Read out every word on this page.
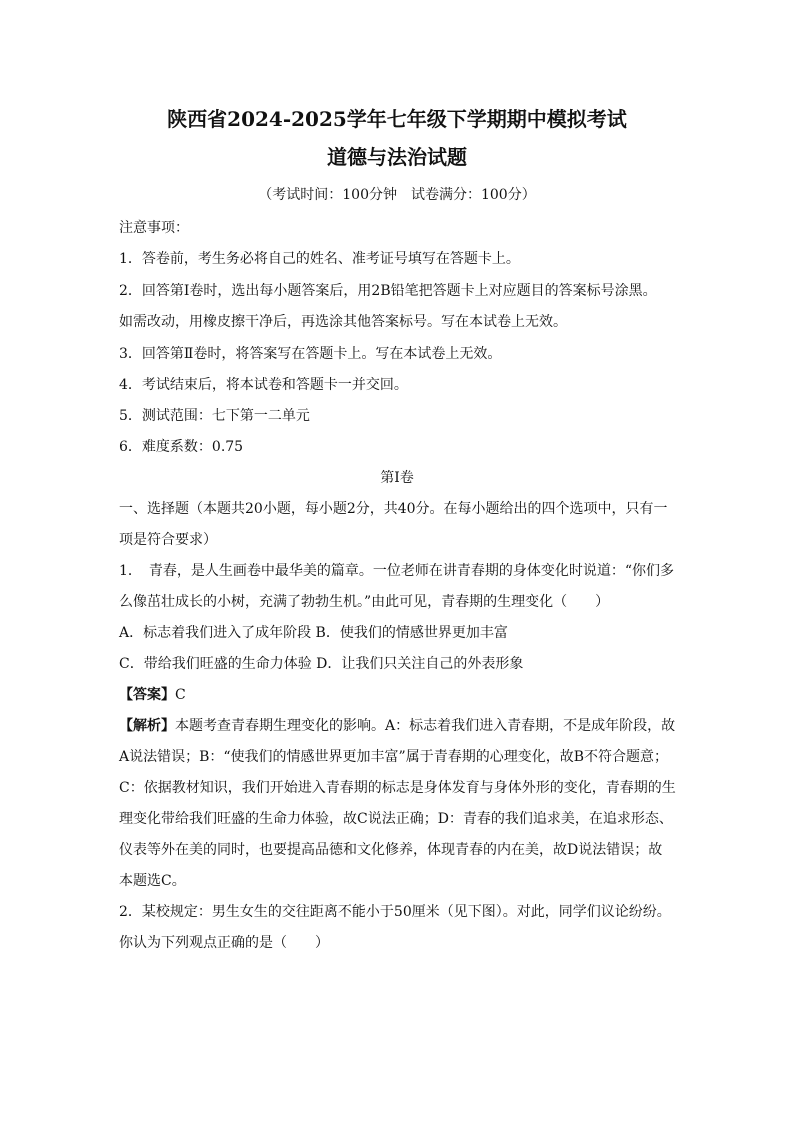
陕西省2024-2025学年七年级下学期期中模拟考试
道德与法治试题
（考试时间：100分钟　试卷满分：100分）
注意事项：
1．答卷前，考生务必将自己的姓名、准考证号填写在答题卡上。
2．回答第Ⅰ卷时，选出每小题答案后，用2B铅笔把答题卡上对应题目的答案标号涂黑。
如需改动，用橡皮擦干净后，再选涂其他答案标号。写在本试卷上无效。
3．回答第Ⅱ卷时，将答案写在答题卡上。写在本试卷上无效。
4．考试结束后，将本试卷和答题卡一并交回。
5．测试范围：七下第一二单元
6．难度系数：0.75
第Ⅰ卷
一、选择题（本题共20小题，每小题2分，共40分。在每小题给出的四个选项中，只有一
项是符合要求）
1．　青春，是人生画卷中最华美的篇章。一位老师在讲青春期的身体变化时说道：“你们多
么像茁壮成长的小树，充满了勃勃生机。”由此可见，青春期的生理变化（　　）
A．标志着我们进入了成年阶段 B．使我们的情感世界更加丰富
C．带给我们旺盛的生命力体验 D．让我们只关注自己的外表形象
【答案】C
【解析】本题考查青春期生理变化的影响。A：标志着我们进入青春期，不是成年阶段，故
A说法错误；B：“使我们的情感世界更加丰富”属于青春期的心理变化，故B不符合题意；
C：依据教材知识，我们开始进入青春期的标志是身体发育与身体外形的变化，青春期的生
理变化带给我们旺盛的生命力体验，故C说法正确；D：青春的我们追求美，在追求形态、
仪表等外在美的同时，也要提高品德和文化修养，体现青春的内在美，故D说法错误；故
本题选C。
2．某校规定：男生女生的交往距离不能小于50厘米（见下图）。对此，同学们议论纷纷。
你认为下列观点正确的是（　　）
